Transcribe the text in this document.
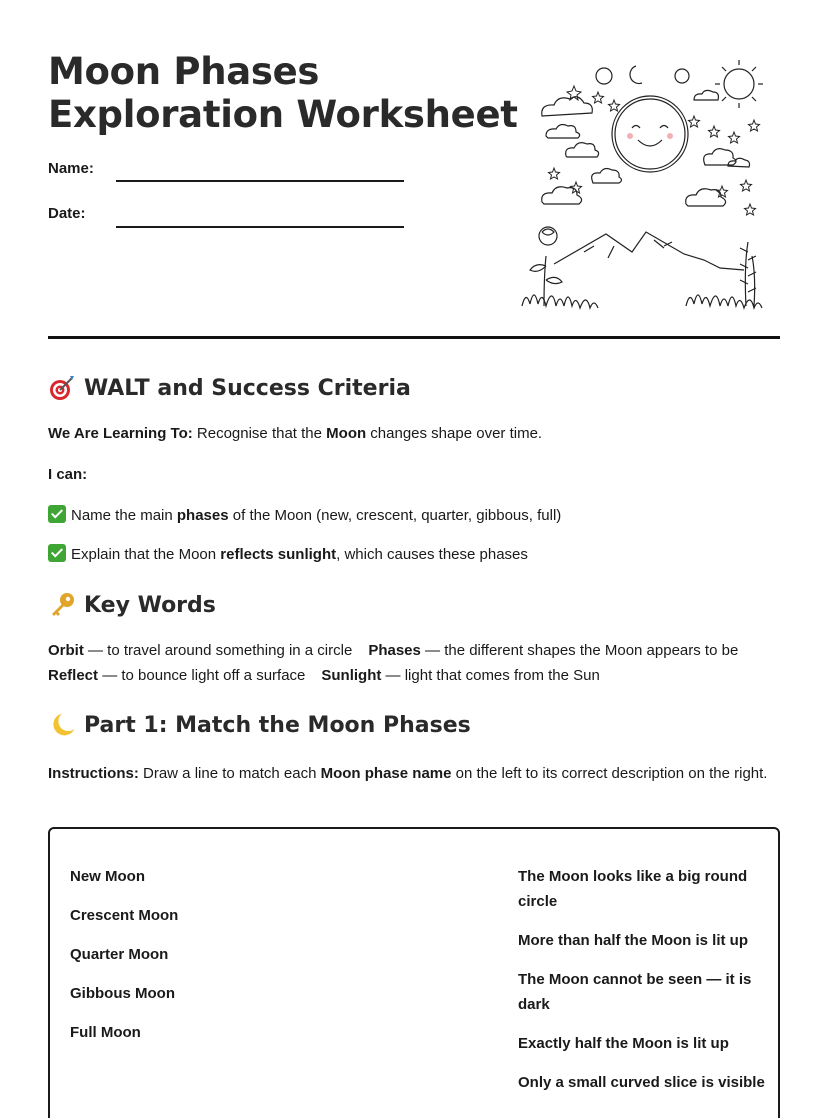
Moon Phases
Exploration Worksheet
Name:
Date:
WALT and Success Criteria
We Are Learning To: Recognise that the Moon changes shape over time.
I can:
Name the main phases of the Moon (new, crescent, quarter, gibbous, full)
Explain that the Moon reflects sunlight, which causes these phases
Key Words
Orbit — to travel around something in a circle Phases — the different shapes the Moon appears to be
Reflect — to bounce light off a surface Sunlight — light that comes from the Sun
Part 1: Match the Moon Phases
Instructions: Draw a line to match each Moon phase name on the left to its correct description on the right.
New Moon
Crescent Moon
Quarter Moon
Gibbous Moon
Full Moon
The Moon looks like a big round circle
More than half the Moon is lit up
The Moon cannot be seen — it is dark
Exactly half the Moon is lit up
Only a small curved slice is visible
